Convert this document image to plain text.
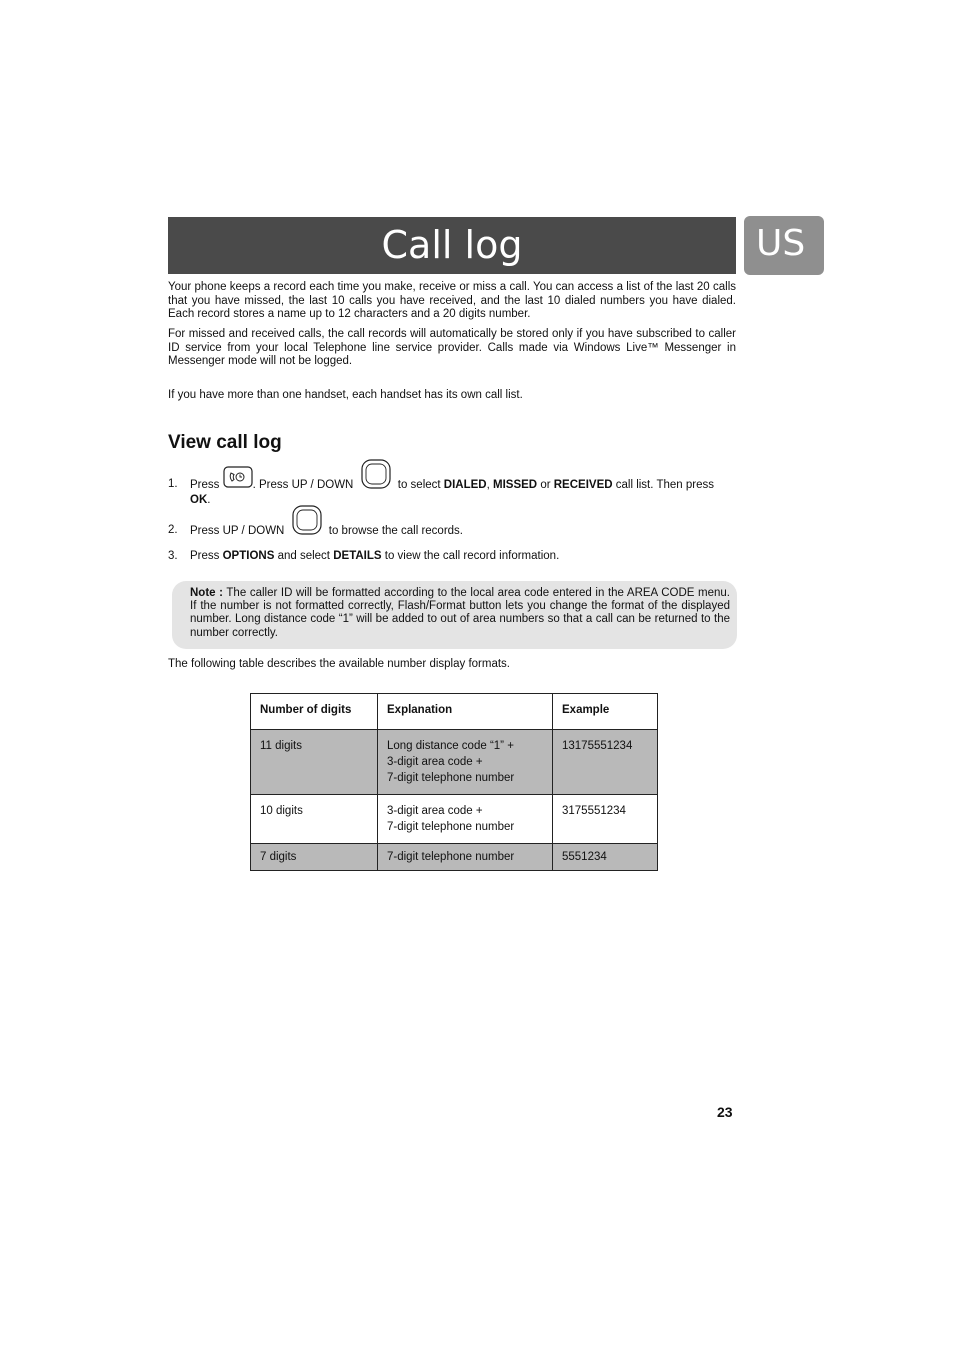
Call log	US

Your phone keeps a record each time you make, receive or miss a call. You can access a list of the last 20 calls that you have missed, the last 10 calls you have received, and the last 10 dialed numbers you have dialed. Each record stores a name up to 12 characters and a 20 digits number.

For missed and received calls, the call records will automatically be stored only if you have subscribed to caller ID service from your local Telephone line service provider. Calls made via Windows Live™ Messenger in Messenger mode will not be logged.

If you have more than one handset, each handset has its own call list.

View call log
1. Press	. Press UP / DOWN	to select DIALED, MISSED or RECEIVED call list. Then press OK.
2. Press UP / DOWN	to browse the call records.
3. Press OPTIONS and select DETAILS to view the call record information.
Note : The caller ID will be formatted according to the local area code entered in the AREA CODE menu. If the number is not formatted correctly, Flash/Format button lets you change the format of the displayed number. Long distance code “1” will be added to out of area numbers so that a call can be returned to the number correctly.

The following table describes the available number display formats.

Number of digits	Explanation	Example
11 digits	Long distance code “1” +
3-digit area code +
7-digit telephone number	13175551234
10 digits	3-digit area code +
7-digit telephone number	3175551234
7 digits	7-digit telephone number	5551234
23
